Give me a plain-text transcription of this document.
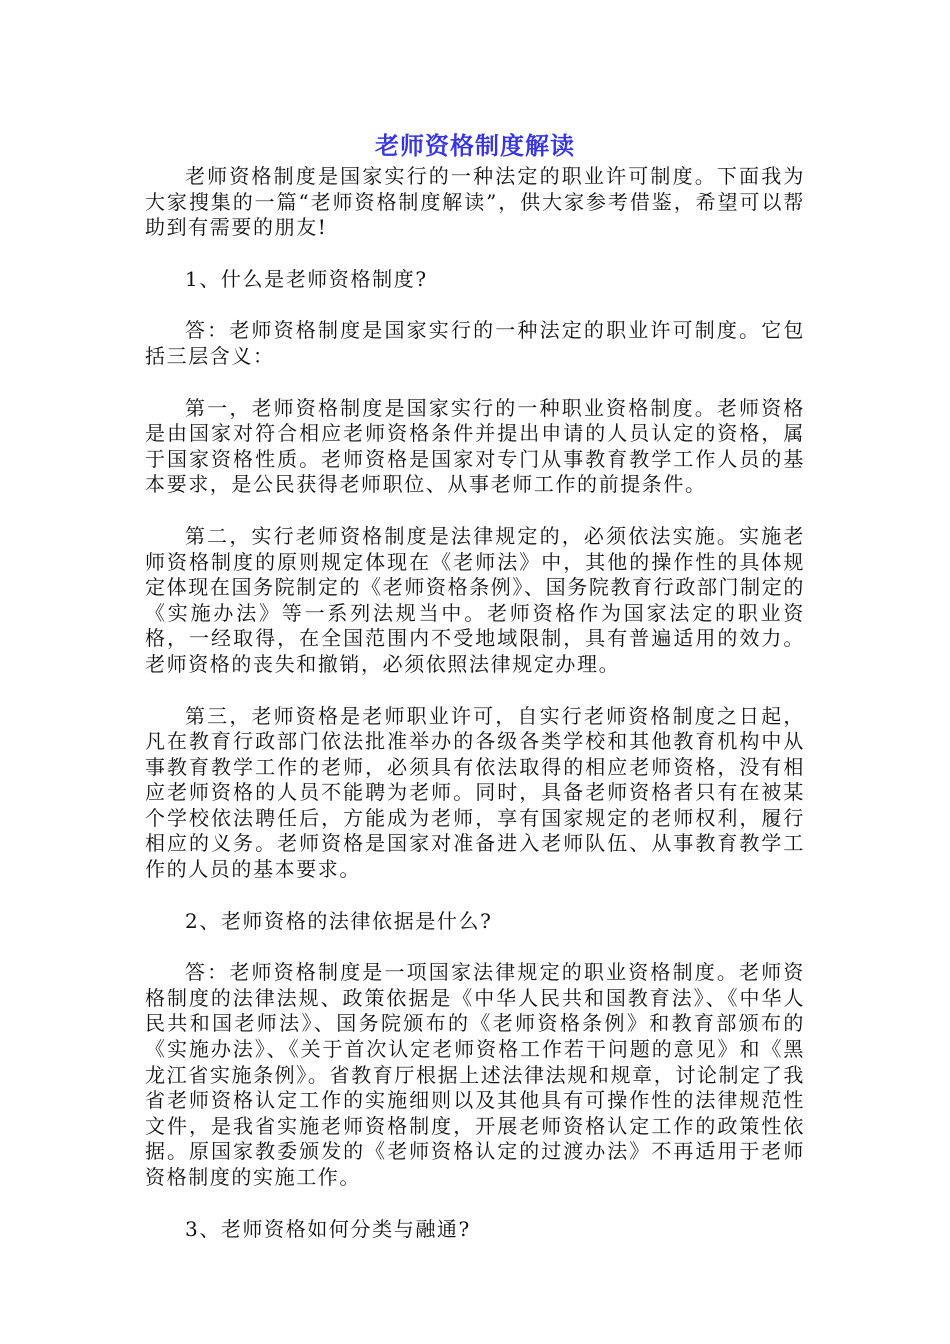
老师资格制度解读

老师资格制度是国家实行的一种法定的职业许可制度。下面我为大家搜集的一篇“老师资格制度解读”，供大家参考借鉴，希望可以帮助到有需要的朋友!

1、什么是老师资格制度?

答：老师资格制度是国家实行的一种法定的职业许可制度。它包括三层含义：

第一，老师资格制度是国家实行的一种职业资格制度。老师资格是由国家对符合相应老师资格条件并提出申请的人员认定的资格，属于国家资格性质。老师资格是国家对专门从事教育教学工作人员的基本要求，是公民获得老师职位、从事老师工作的前提条件。

第二，实行老师资格制度是法律规定的，必须依法实施。实施老师资格制度的原则规定体现在《老师法》中，其他的操作性的具体规定体现在国务院制定的《老师资格条例》、国务院教育行政部门制定的《实施办法》等一系列法规当中。老师资格作为国家法定的职业资格，一经取得，在全国范围内不受地域限制，具有普遍适用的效力。老师资格的丧失和撤销，必须依照法律规定办理。

第三，老师资格是老师职业许可，自实行老师资格制度之日起，凡在教育行政部门依法批准举办的各级各类学校和其他教育机构中从事教育教学工作的老师，必须具有依法取得的相应老师资格，没有相应老师资格的人员不能聘为老师。同时，具备老师资格者只有在被某个学校依法聘任后，方能成为老师，享有国家规定的老师权利，履行相应的义务。老师资格是国家对准备进入老师队伍、从事教育教学工作的人员的基本要求。

2、老师资格的法律依据是什么?

答：老师资格制度是一项国家法律规定的职业资格制度。老师资格制度的法律法规、政策依据是《中华人民共和国教育法》、《中华人民共和国老师法》、国务院颁布的《老师资格条例》和教育部颁布的《实施办法》、《关于首次认定老师资格工作若干问题的意见》和《黑龙江省实施条例》。省教育厅根据上述法律法规和规章，讨论制定了我省老师资格认定工作的实施细则以及其他具有可操作性的法律规范性文件，是我省实施老师资格制度，开展老师资格认定工作的政策性依据。原国家教委颁发的《老师资格认定的过渡办法》不再适用于老师资格制度的实施工作。

3、老师资格如何分类与融通?
